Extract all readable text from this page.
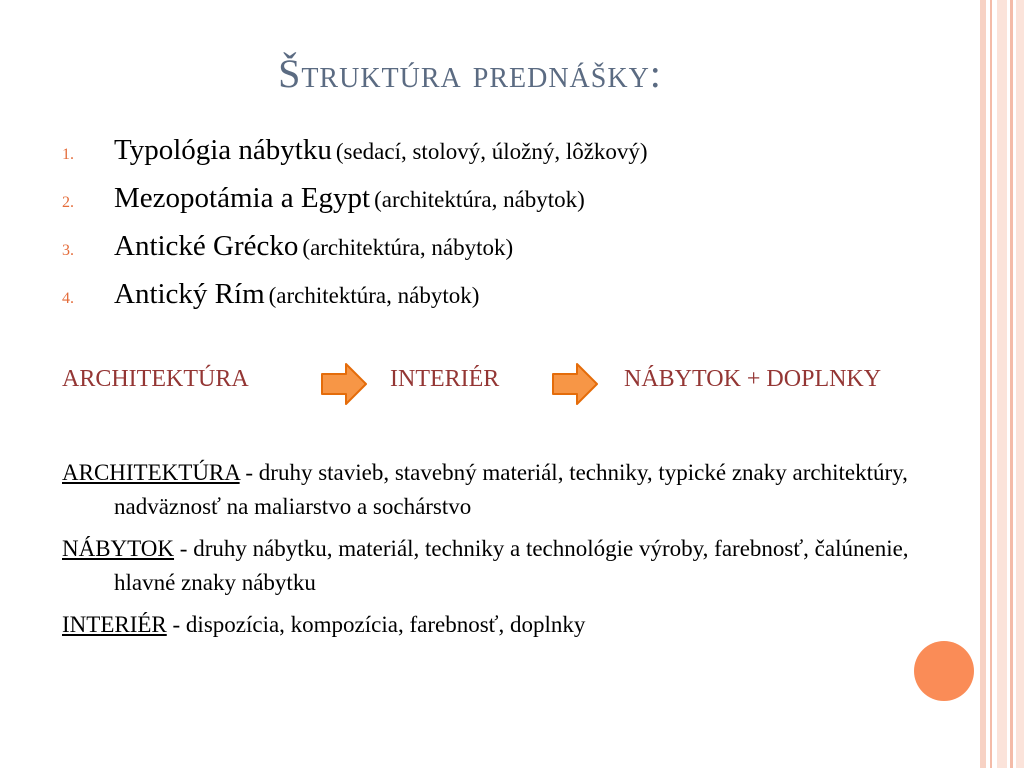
Štruktúra prednášky:
1. Typológia nábytku (sedací, stolový, úložný, lôžkový)
2. Mezopotámia a Egypt (architektúra, nábytok)
3. Antické Grécko (architektúra, nábytok)
4. Antický Rím (architektúra, nábytok)
ARCHITEKTÚRA	INTERIÉR	NÁBYTOK + DOPLNKY

ARCHITEKTÚRA - druhy stavieb, stavebný materiál, techniky, typické znaky architektúry, nadväznosť na maliarstvo a sochárstvo

NÁBYTOK - druhy nábytku, materiál, techniky a technológie výroby, farebnosť, čalúnenie, hlavné znaky nábytku

INTERIÉR - dispozícia, kompozícia, farebnosť, doplnky
